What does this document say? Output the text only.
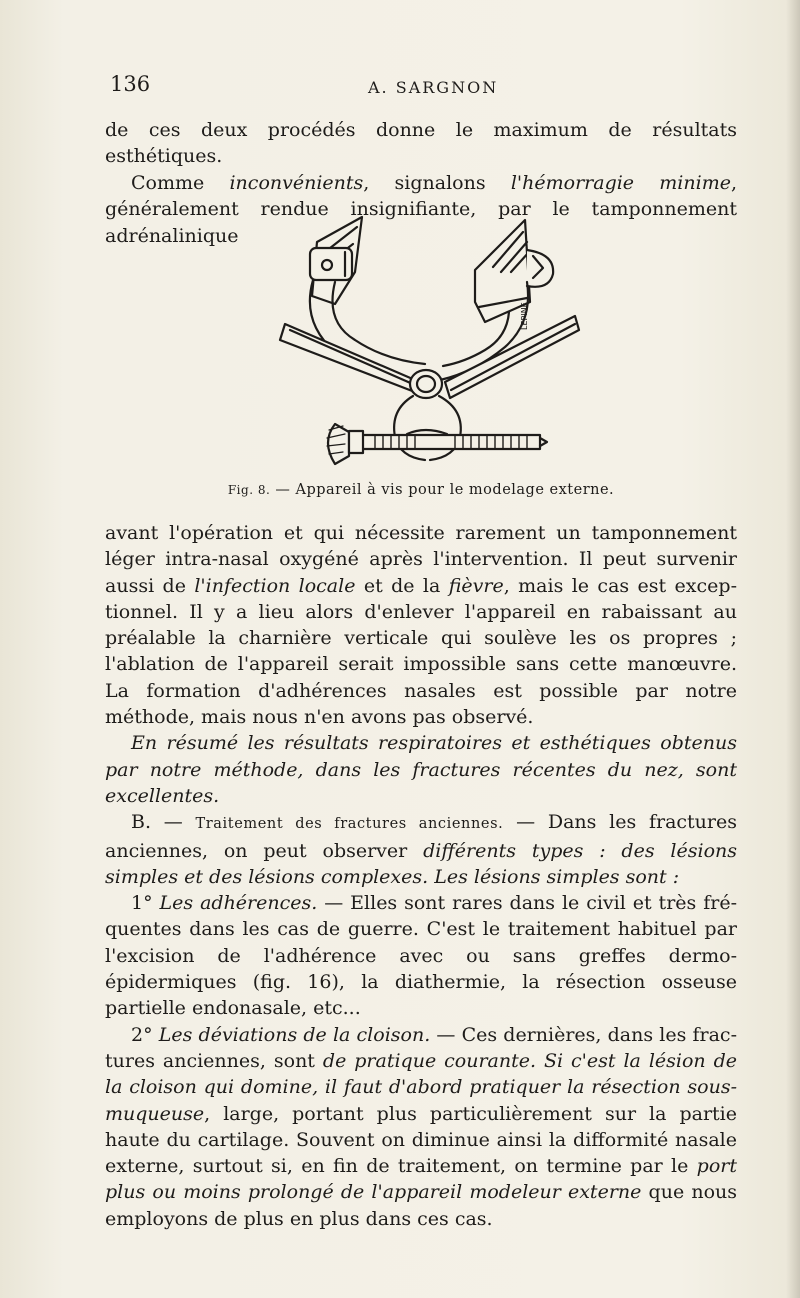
136	A. SARGNON

de ces deux procédés donne le maximum de résultats esthétiques.

Comme inconvénients, signalons l'hémorragie minime, généralement rendue insignifiante, par le tamponnement adrénalinique

LEPINE
Fig. 8. — Appareil à vis pour le modelage externe.

avant l'opération et qui nécessite rarement un tamponnement léger intra-nasal oxygéné après l'intervention. Il peut survenir aussi de l'infection locale et de la fièvre, mais le cas est exceptionnel. Il y a lieu alors d'enlever l'appareil en rabaissant au préalable la charnière verticale qui soulève les os propres ; l'ablation de l'appareil serait impossible sans cette manœuvre. La formation d'adhérences nasales est possible par notre méthode, mais nous n'en avons pas observé.

En résumé les résultats respiratoires et esthétiques obtenus par notre méthode, dans les fractures récentes du nez, sont excellentes.

B. — Traitement des fractures anciennes. — Dans les fractures anciennes, on peut observer différents types : des lésions simples et des lésions complexes. Les lésions simples sont :

1° Les adhérences. — Elles sont rares dans le civil et très fréquentes dans les cas de guerre. C'est le traitement habituel par l'excision de l'adhérence avec ou sans greffes dermo-épidermiques (fig. 16), la diathermie, la résection osseuse partielle endonasale, etc...

2° Les déviations de la cloison. — Ces dernières, dans les fractures anciennes, sont de pratique courante. Si c'est la lésion de la cloison qui domine, il faut d'abord pratiquer la résection sous-muqueuse, large, portant plus particulièrement sur la partie haute du cartilage. Souvent on diminue ainsi la difformité nasale externe, surtout si, en fin de traitement, on termine par le port plus ou moins prolongé de l'appareil modeleur externe que nous employons de plus en plus dans ces cas.
